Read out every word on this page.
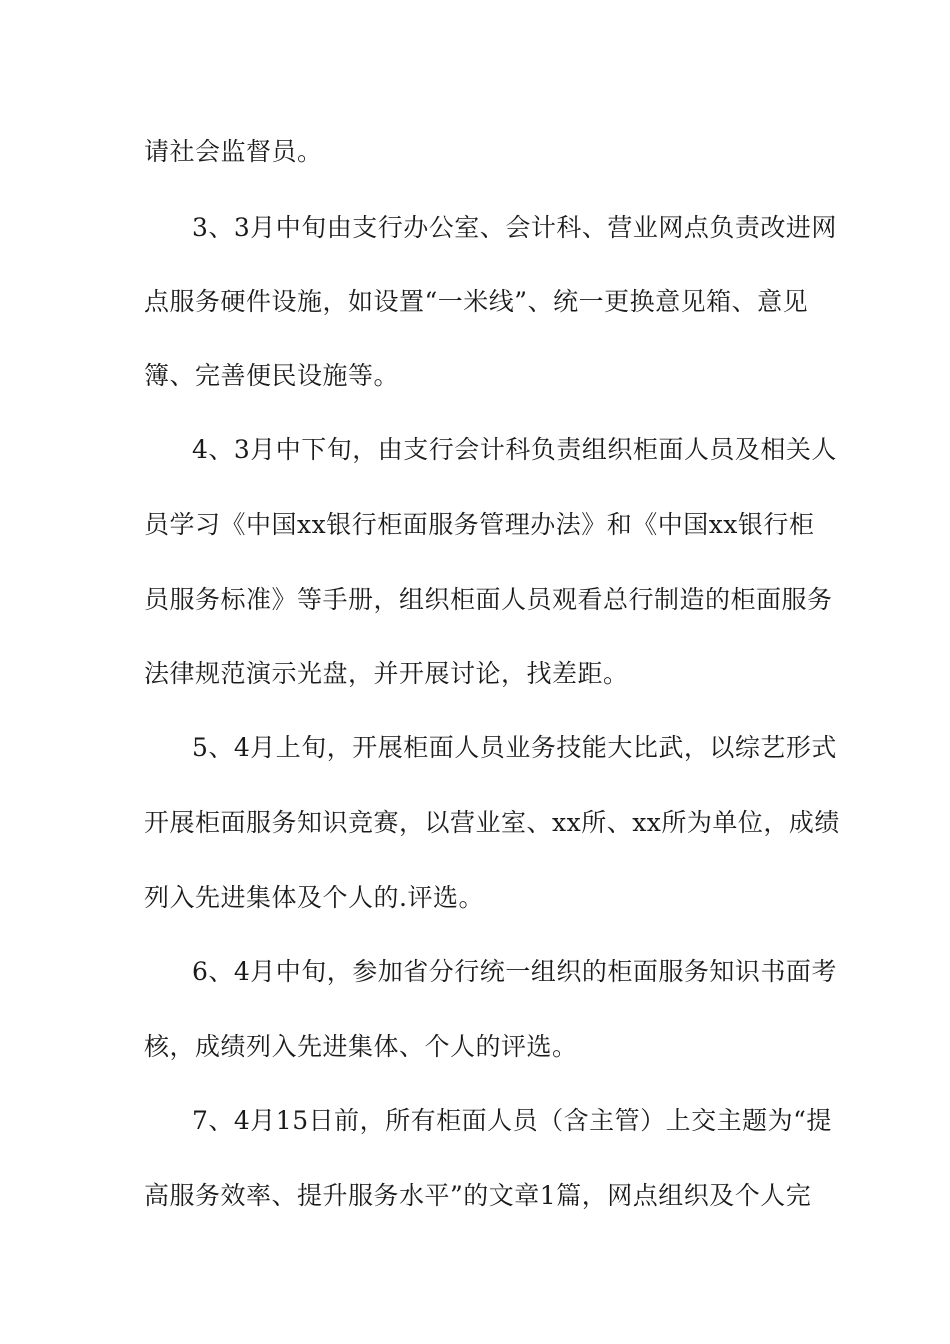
请社会监督员。
3、3月中旬由支行办公室、会计科、营业网点负责改进网
点服务硬件设施，如设置“一米线”、统一更换意见箱、意见
簿、完善便民设施等。
4、3月中下旬，由支行会计科负责组织柜面人员及相关人
员学习《中国xx银行柜面服务管理办法》和《中国xx银行柜
员服务标准》等手册，组织柜面人员观看总行制造的柜面服务
法律规范演示光盘，并开展讨论，找差距。
5、4月上旬，开展柜面人员业务技能大比武，以综艺形式
开展柜面服务知识竞赛，以营业室、xx所、xx所为单位，成绩
列入先进集体及个人的.评选。
6、4月中旬，参加省分行统一组织的柜面服务知识书面考
核，成绩列入先进集体、个人的评选。
7、4月15日前，所有柜面人员（含主管）上交主题为“提
高服务效率、提升服务水平”的文章1篇，网点组织及个人完
